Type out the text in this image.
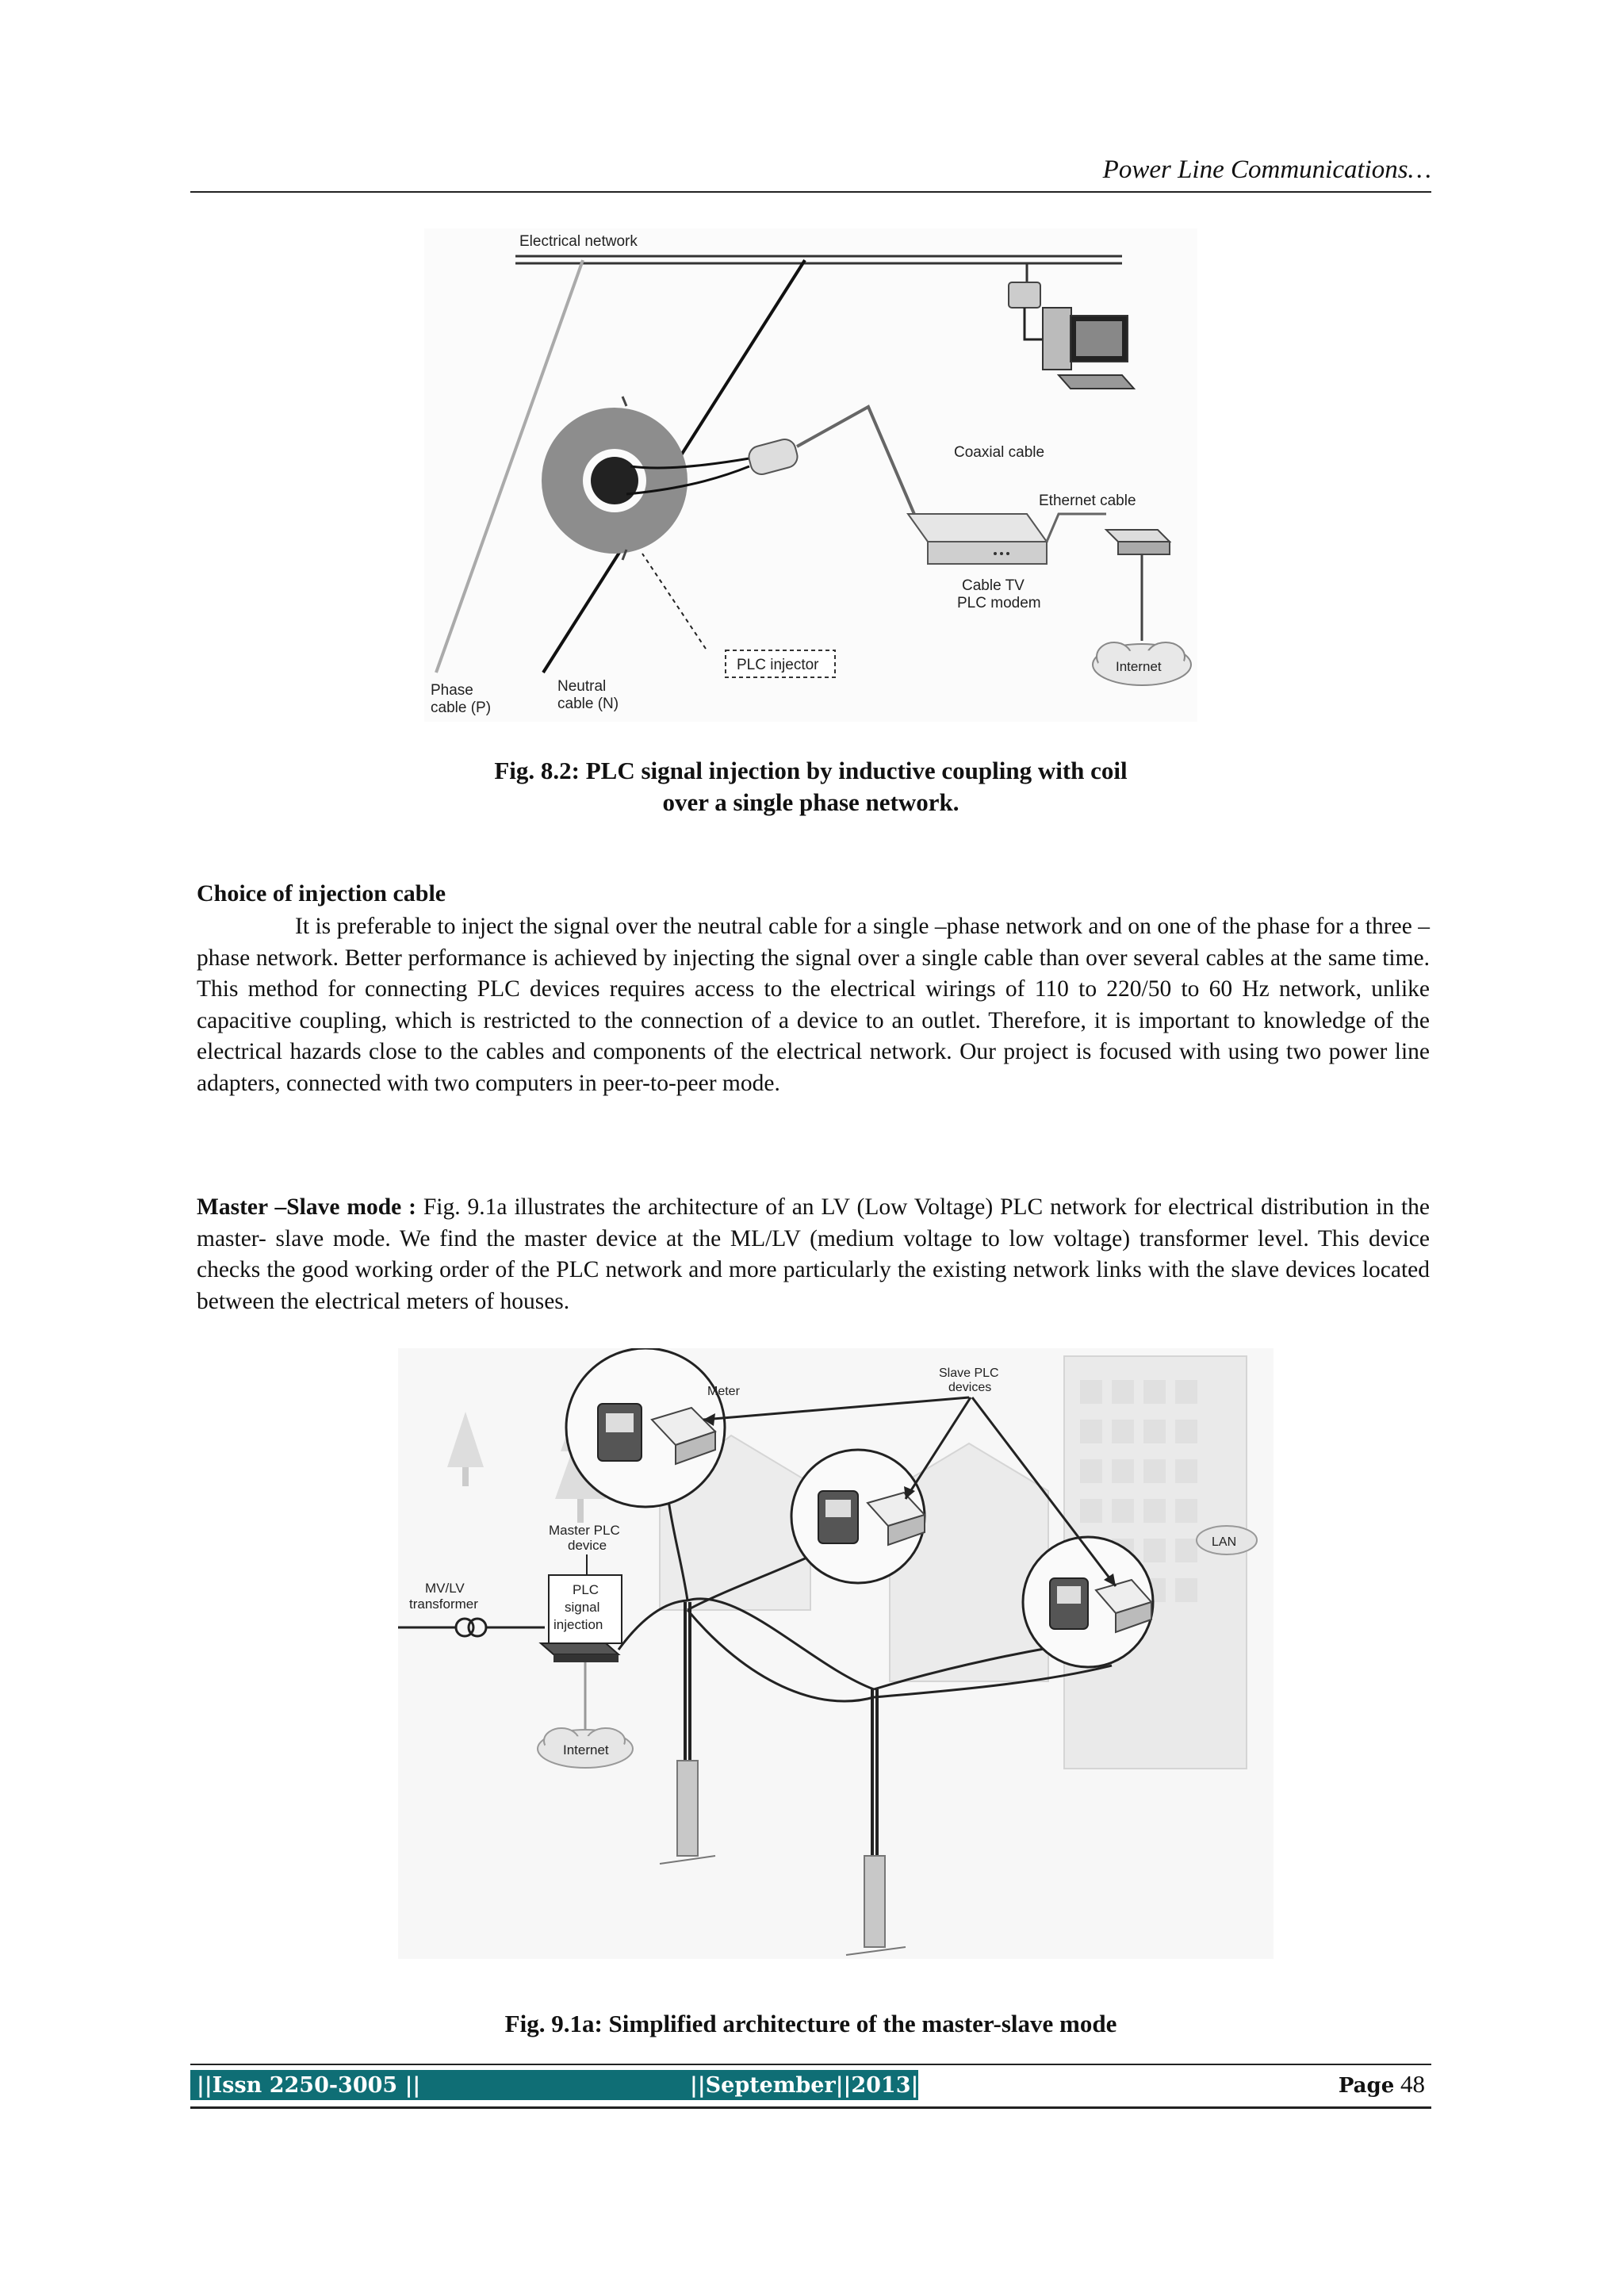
Power Line Communications…
Electrical network
Coaxial cable
Cable TV
PLC modem
Ethernet cable
Internet
PLC injector
Phase
cable (P)
Neutral
cable (N)
Fig. 8.2: PLC signal injection by inductive coupling with coil
over a single phase network.
Choice of injection cable
It is preferable to inject the signal over the neutral cable for a single –phase network and on one of the phase for a three –phase network. Better performance is achieved by injecting the signal over a single cable than over several cables at the same time. This method for connecting PLC devices requires access to the electrical wirings of 110 to 220/50 to 60 Hz network, unlike capacitive coupling, which is restricted to the connection of a device to an outlet. Therefore, it is important to knowledge of the electrical hazards close to the cables and components of the electrical network. Our project is focused with using two power line adapters, connected with two computers in peer-to-peer mode.
Master –Slave mode : Fig. 9.1a illustrates the architecture of an LV (Low Voltage) PLC network for electrical distribution in the master- slave mode. We find the master device at the ML/LV (medium voltage to low voltage) transformer level. This device checks the good working order of the PLC network and more particularly the existing network links with the slave devices located between the electrical meters of houses.
MV/LV
transformer
Master PLC
device
PLC
signal
injection
Internet
Meter
LAN
Slave PLC
devices
Fig. 9.1a: Simplified architecture of the master-slave mode
||Issn 2250-3005 ||	||September||2013||	Page 48
